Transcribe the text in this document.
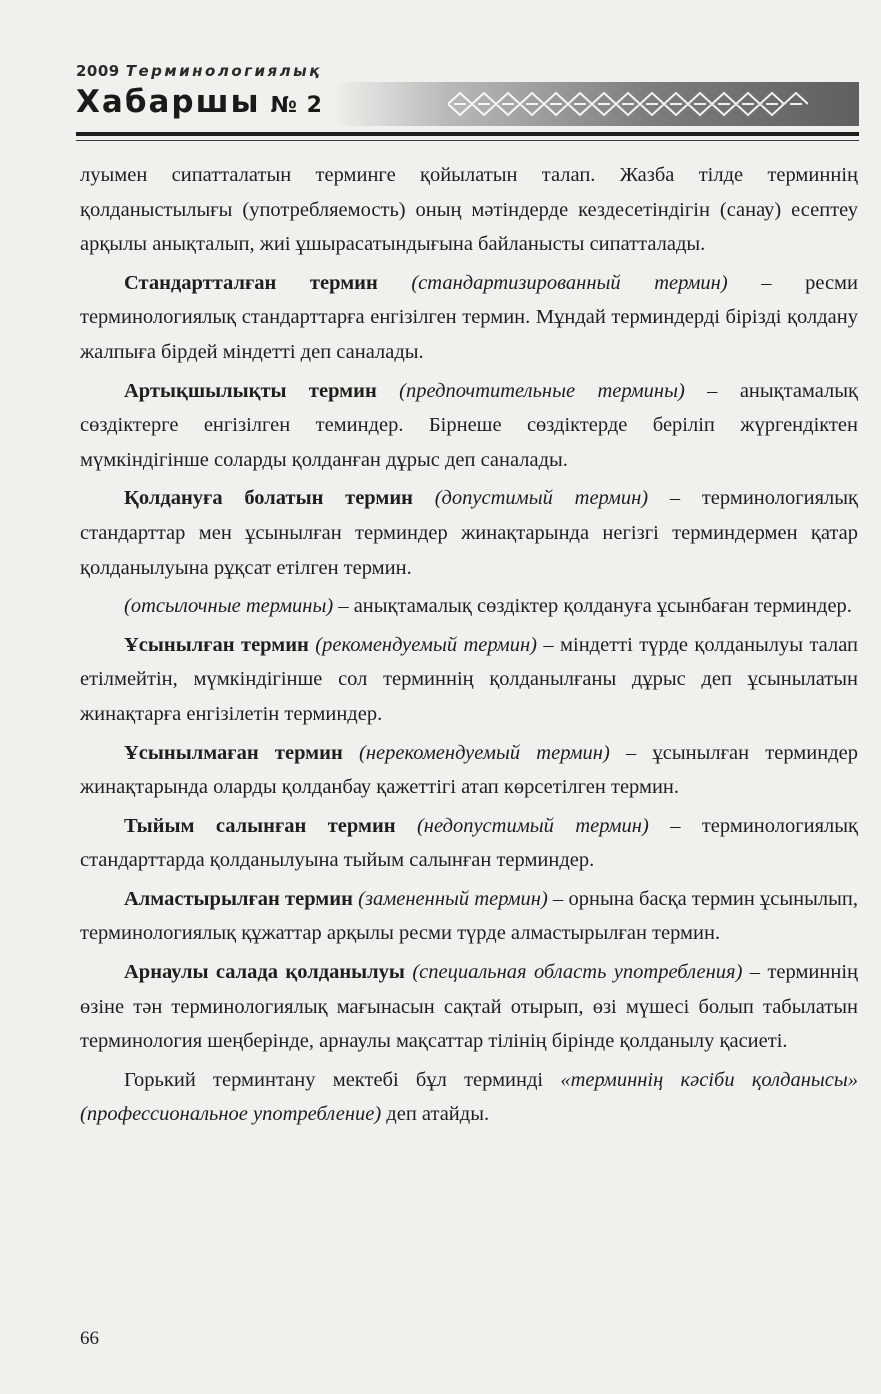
2009 Терминологиялық
Хабаршы № 2

луымен сипатталатын терминге қойылатын талап. Жазба тілде терминнің қолданыстылығы (употребляемость) оның мәтіндерде кездесетіндігін (санау) есептеу арқылы анықталып, жиі ұшырасатындығына байланысты сипатталады.

Стандартталған термин (стандартизированный термин) – ресми терминологиялық стандарттарға енгізілген термин. Мұндай терминдерді бірізді қолдану жалпыға бірдей міндетті деп саналады.

Артықшылықты термин (предпочтительные термины) – анықтамалық сөздіктерге енгізілген теминдер. Бірнеше сөздіктерде беріліп жүргендіктен мүмкіндігінше соларды қолданған дұрыс деп саналады.

Қолдануға болатын термин (допустимый термин) – терминологиялық стандарттар мен ұсынылған терминдер жинақтарында негізгі терминдермен қатар қолданылуына рұқсат етілген термин.

(отсылочные термины) – анықтамалық сөздіктер қолдануға ұсынбаған терминдер.

Ұсынылған термин (рекомендуемый термин) – міндетті түрде қолданылуы талап етілмейтін, мүмкіндігінше сол терминнің қолданылғаны дұрыс деп ұсынылатын жинақтарға енгізілетін терминдер.

Ұсынылмаған термин (нерекомендуемый термин) – ұсынылған терминдер жинақтарында оларды қолданбау қажеттігі атап көрсетілген термин.

Тыйым салынған термин (недопустимый термин) – терминологиялық стандарттарда қолданылуына тыйым салынған терминдер.

Алмастырылған термин (замененный термин) – орнына басқа термин ұсынылып, терминологиялық құжаттар арқылы ресми түрде алмастырылған термин.

Арнаулы салада қолданылуы (специальная область употребления) – терминнің өзіне тән терминологиялық мағынасын сақтай отырып, өзі мүшесі болып табылатын терминология шеңберінде, арнаулы мақсаттар тілінің бірінде қолданылу қасиеті.

Горький терминтану мектебі бұл терминді «терминнің кәсіби қолданысы» (профессиональное употребление) деп атайды.

66
